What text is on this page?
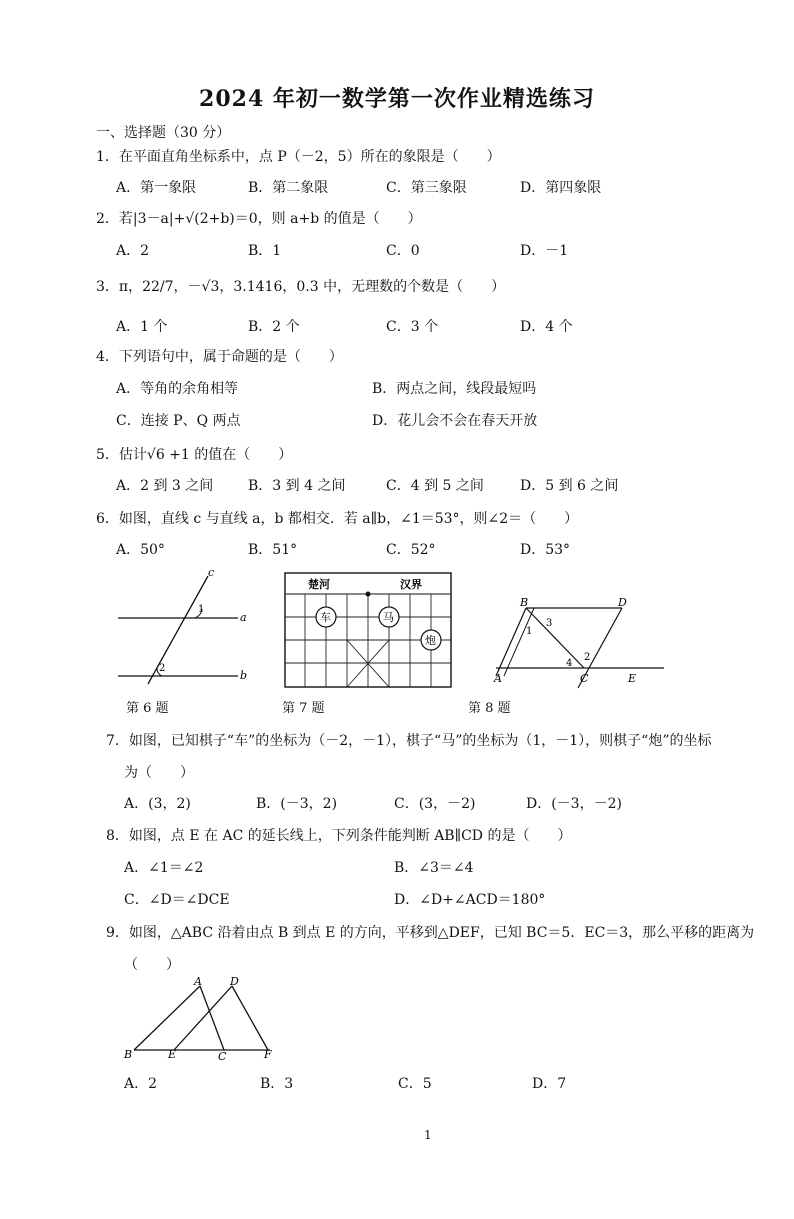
2024 年初一数学第一次作业精选练习
一、选择题（30 分）
1．在平面直角坐标系中，点 P（－2，5）所在的象限是（　　）
A．第一象限	B．第二象限	C．第三象限	D．第四象限
2．若|3－a|+√(2+b)＝0，则 a+b 的值是（　　）
A．2	B．1	C．0	D．－1
3．π，22/7，－√3，3.1416，0.3 中，无理数的个数是（　　）
A．1 个	B．2 个	C．3 个	D．4 个
4．下列语句中，属于命题的是（　　）
A．等角的余角相等	B．两点之间，线段最短吗
C．连接 P、Q 两点	D．花儿会不会在春天开放
5．估计√6 +1 的值在（　　）
A．2 到 3 之间 B．3 到 4 之间	C．4 到 5 之间	D．5 到 6 之间
6．如图，直线 c 与直线 a，b 都相交．若 a∥b，∠1＝53°，则∠2＝（　　）
A．50°	B．51°	C．52°	D．53°
c
a
b
1
2
第 6 题
楚河	汉界
车	马
炮
第 7 题
B	D
A	C	E
1
2
3
4
第 8 题
7．如图，已知棋子“车”的坐标为（－2，－1），棋子“马”的坐标为（1，－1），则棋子“炮”的坐标
为（　　）
A．(3，2)	B．(－3，2)	C．(3，－2)	D．(－3，－2)
8．如图，点 E 在 AC 的延长线上，下列条件能判断 AB∥CD 的是（　　）
A．∠1＝∠2	B．∠3＝∠4
C．∠D＝∠DCE	D．∠D+∠ACD＝180°
9．如图，△ABC 沿着由点 B 到点 E 的方向，平移到△DEF，已知 BC＝5．EC＝3，那么平移的距离为
（　　）
A	D
B	E	C	F
A．2	B．3	C．5	D．7
1
